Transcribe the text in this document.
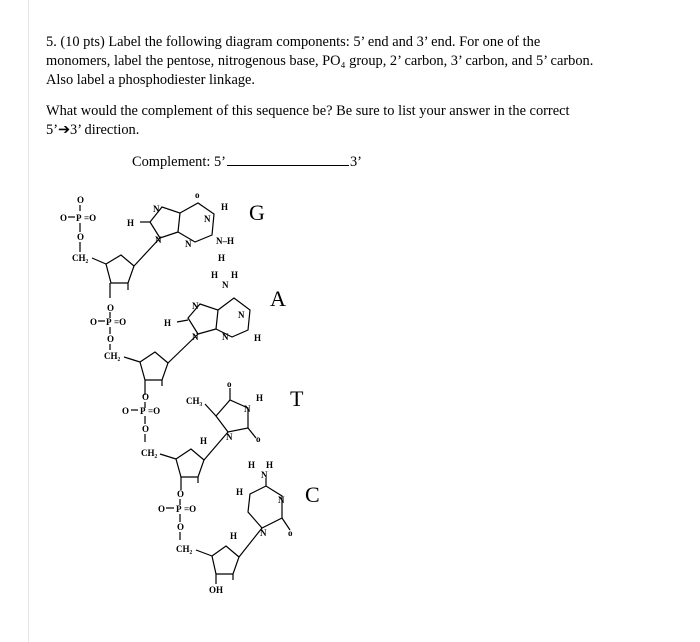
5. (10 pts) Label the following diagram components: 5’ end and 3’ end. For one of the

monomers, label the pentose, nitrogenous base, PO₄ group, 2’ carbon, 3’ carbon, and 5’ carbon.

Also label a phosphodiester linkage.

What would the complement of this sequence be? Be sure to list your answer in the correct

5’➔3’ direction.

Complement: 5’	3’
O P =O
O
O
CH₂
H
N
N	N
N
H
o
N–H
H
G
O
O P =O
O
CH₂
H
N
N	N
N
H
N
H H
A
O
O P =O
O
CH₂
CH₃
o
N
H
N
H	o
T
O
O P =O
O
CH₂
H
H	N
N
o
N
H H
OH
C
